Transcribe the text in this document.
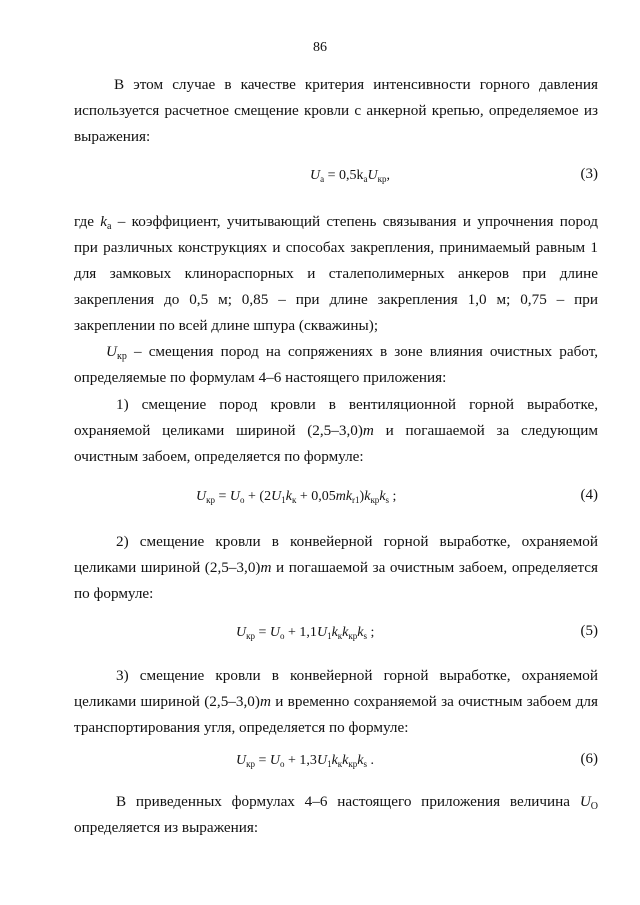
86
В этом случае в качестве критерия интенсивности горного давления
используется расчетное смещение кровли с анкерной крепью, определяемое из
выражения:
$U_а = 0,5k_аU_{кр}$,	(3)
где $k_а$ – коэффициент, учитывающий степень связывания и упрочнения пород
при различных конструкциях и способах закрепления, принимаемый равным 1
для замковых клинораспорных и сталеполимерных анкеров при длине
закрепления до 0,5 м; 0,85 – при длине закрепления 1,0 м; 0,75 – при
закреплении по всей длине шпура (скважины);
$U_{кр}$ – смещения пород на сопряжениях в зоне влияния очистных работ,
определяемые по формулам 4–6 настоящего приложения:
1) смещение пород кровли в вентиляционной горной выработке,
охраняемой целиками шириной (2,5–3,0)m и погашаемой за следующим
очистным забоем, определяется по формуле:
$U_{кр} = U_о + (2U_1k_к + 0,05mk_{r1})k_{кр}k_s$ ;	(4)
2) смещение кровли в конвейерной горной выработке, охраняемой
целиками шириной (2,5–3,0)m и погашаемой за очистным забоем, определяется
по формуле:
$U_{кр} = U_о + 1,1U_1k_кk_{кр}k_s$ ;	(5)
3) смещение кровли в конвейерной горной выработке, охраняемой
целиками шириной (2,5–3,0)m и временно сохраняемой за очистным забоем для
транспортирования угля, определяется по формуле:
$U_{кр} = U_о + 1,3U_1k_кk_{кр}k_s$ .	(6)
В приведенных формулах 4–6 настоящего приложения величина $U_О$
определяется из выражения:
